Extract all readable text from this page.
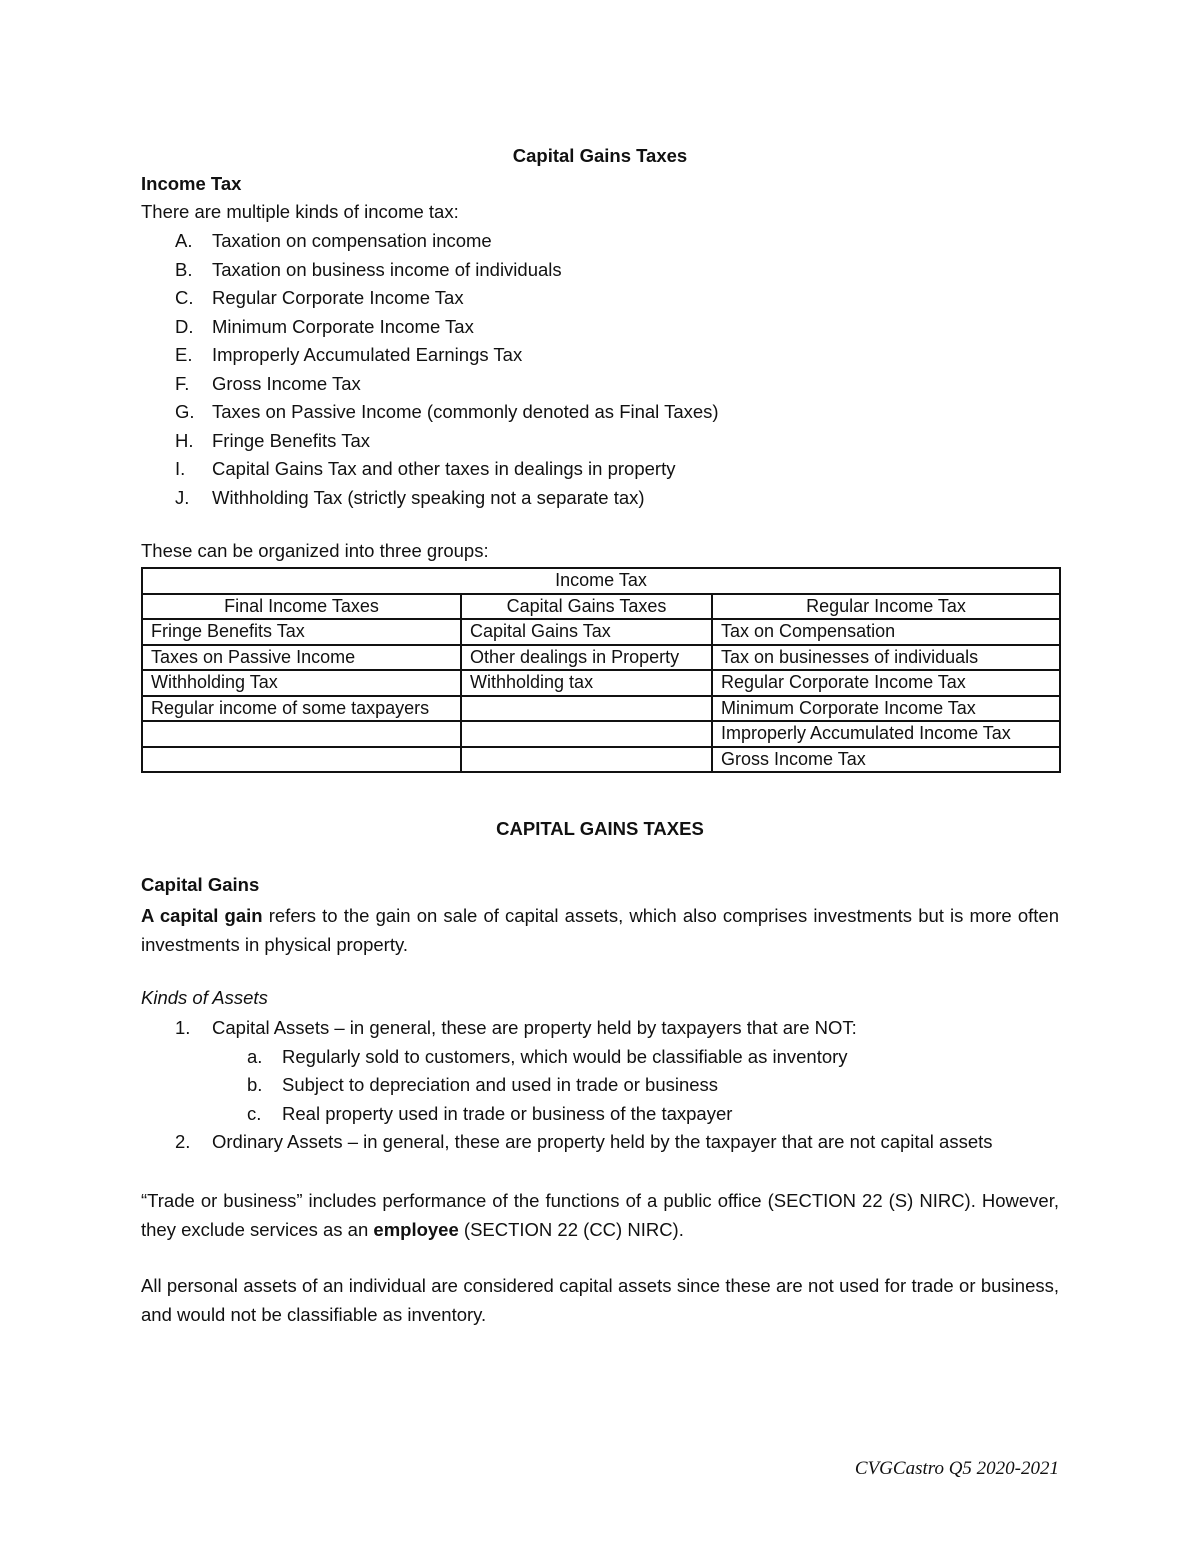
Capital Gains Taxes
Income Tax
There are multiple kinds of income tax:
A.	Taxation on compensation income
B.	Taxation on business income of individuals
C.	Regular Corporate Income Tax
D.	Minimum Corporate Income Tax
E.	Improperly Accumulated Earnings Tax
F.	Gross Income Tax
G. Taxes on Passive Income (commonly denoted as Final Taxes)
H.	Fringe Benefits Tax
I.	Capital Gains Tax and other taxes in dealings in property
J.	Withholding Tax (strictly speaking not a separate tax)
These can be organized into three groups:
Income Tax		
Final Income Taxes	Capital Gains Taxes	Regular Income Tax
Fringe Benefits Tax	Capital Gains Tax	Tax on Compensation
Taxes on Passive Income	Other dealings in Property	Tax on businesses of individuals
Withholding Tax	Withholding tax	Regular Corporate Income Tax
Regular income of some taxpayers		Minimum Corporate Income Tax
		Improperly Accumulated Income Tax
		Gross Income Tax
CAPITAL GAINS TAXES
Capital Gains
A capital gain refers to the gain on sale of capital assets, which also comprises investments but is more often investments in physical property.
Kinds of Assets
1.	Capital Assets – in general, these are property held by taxpayers that are NOT:
a.	Regularly sold to customers, which would be classifiable as inventory
b.	Subject to depreciation and used in trade or business
c.	Real property used in trade or business of the taxpayer
2.	Ordinary Assets – in general, these are property held by the taxpayer that are not capital assets
“Trade or business” includes performance of the functions of a public office (SECTION 22 (S) NIRC). However, they exclude services as an employee (SECTION 22 (CC) NIRC).
All personal assets of an individual are considered capital assets since these are not used for trade or business, and would not be classifiable as inventory.
CVGCastro Q5 2020-2021
